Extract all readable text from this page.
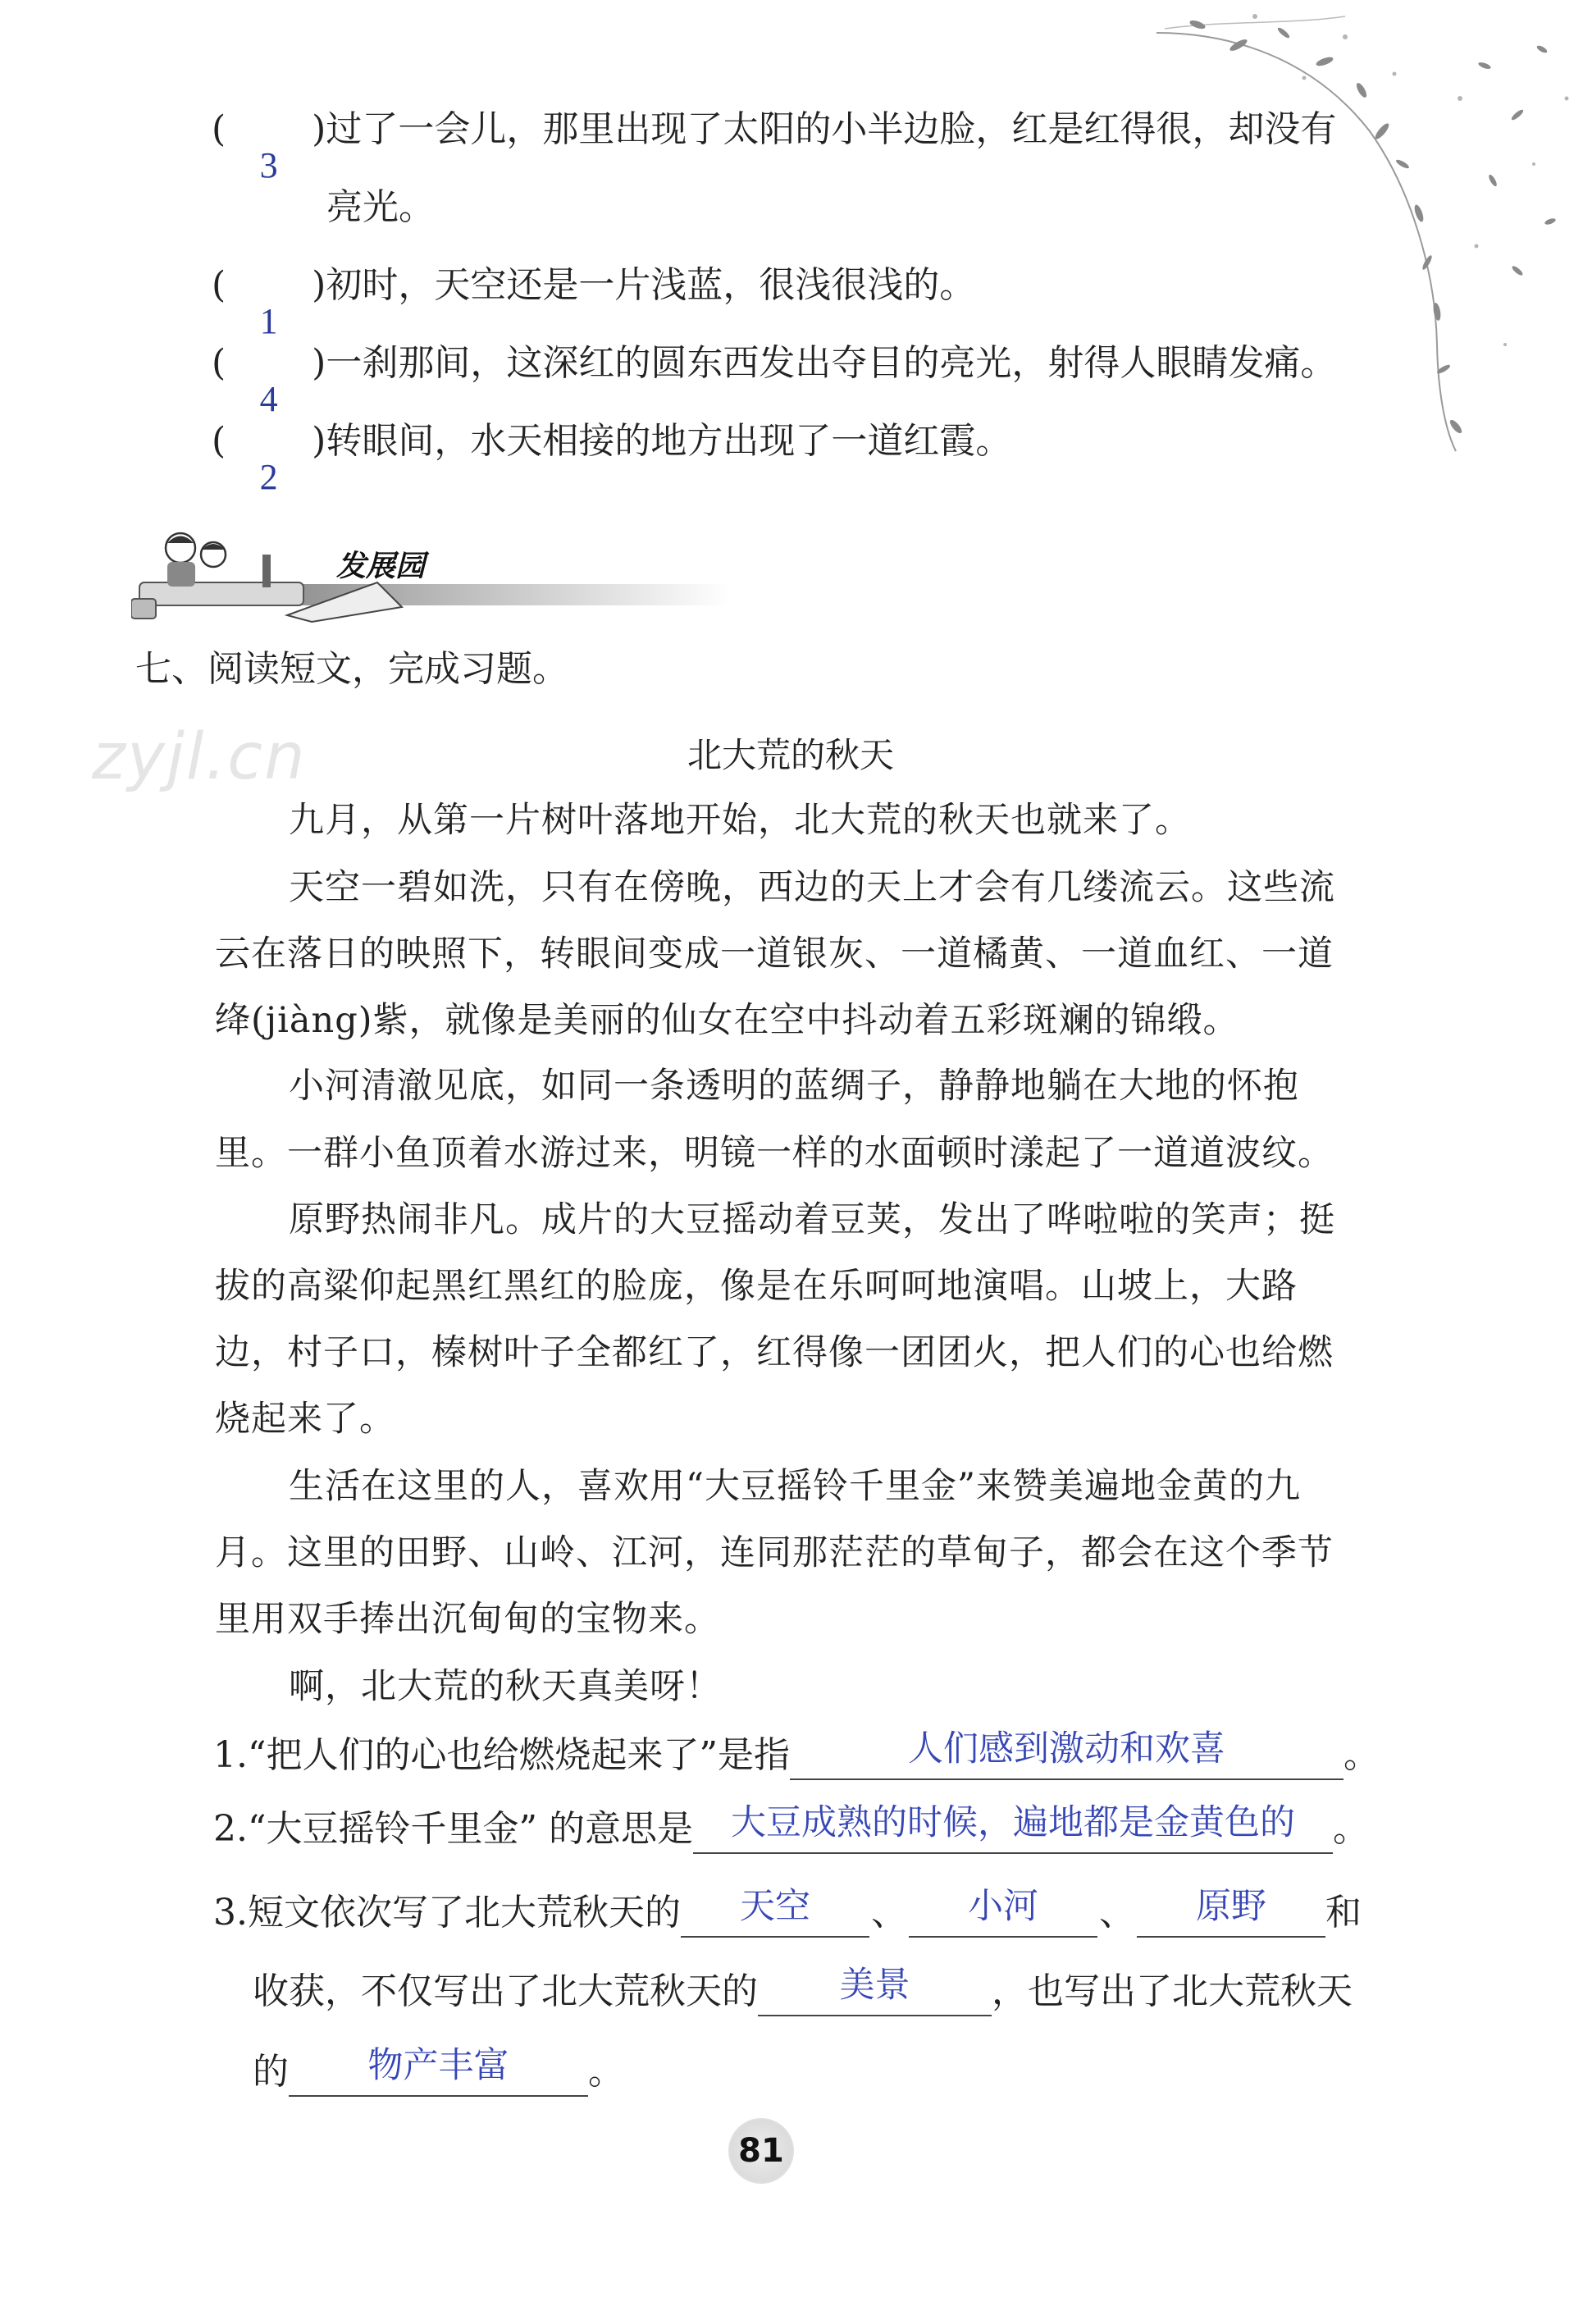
(
3
)过了一会儿，那里出现了太阳的小半边脸，红是红得很，却没有
亮光。
(
1
)初时，天空还是一片浅蓝，很浅很浅的。
(
4
)一刹那间，这深红的圆东西发出夺目的亮光，射得人眼睛发痛。
(
2
)转眼间，水天相接的地方出现了一道红霞。
发展园
七、阅读短文，完成习题。
zyjl.cn	北大荒的秋天
九月，从第一片树叶落地开始，北大荒的秋天也就来了。
天空一碧如洗，只有在傍晚，西边的天上才会有几缕流云。这些流
云在落日的映照下，转眼间变成一道银灰、一道橘黄、一道血红、一道
绛(jiàng)紫，就像是美丽的仙女在空中抖动着五彩斑斓的锦缎。
小河清澈见底，如同一条透明的蓝绸子，静静地躺在大地的怀抱
里。一群小鱼顶着水游过来，明镜一样的水面顿时漾起了一道道波纹。
原野热闹非凡。成片的大豆摇动着豆荚，发出了哗啦啦的笑声；挺
拔的高粱仰起黑红黑红的脸庞，像是在乐呵呵地演唱。山坡上，大路
边，村子口，榛树叶子全都红了，红得像一团团火，把人们的心也给燃
烧起来了。
生活在这里的人，喜欢用“大豆摇铃千里金”来赞美遍地金黄的九
月。这里的田野、山岭、江河，连同那茫茫的草甸子，都会在这个季节
里用双手捧出沉甸甸的宝物来。
啊，北大荒的秋天真美呀！
1.“把人们的心也给燃烧起来了”是指	人们感到激动和欢喜	。
2.“大豆摇铃千里金” 的意思是	大豆成熟的时候，遍地都是金黄色的	。
3.短文依次写了北大荒秋天的	天空	、	小河	、	原野	和
收获，不仅写出了北大荒秋天的	美景	，也写出了北大荒秋天
的	物产丰富	。
81
